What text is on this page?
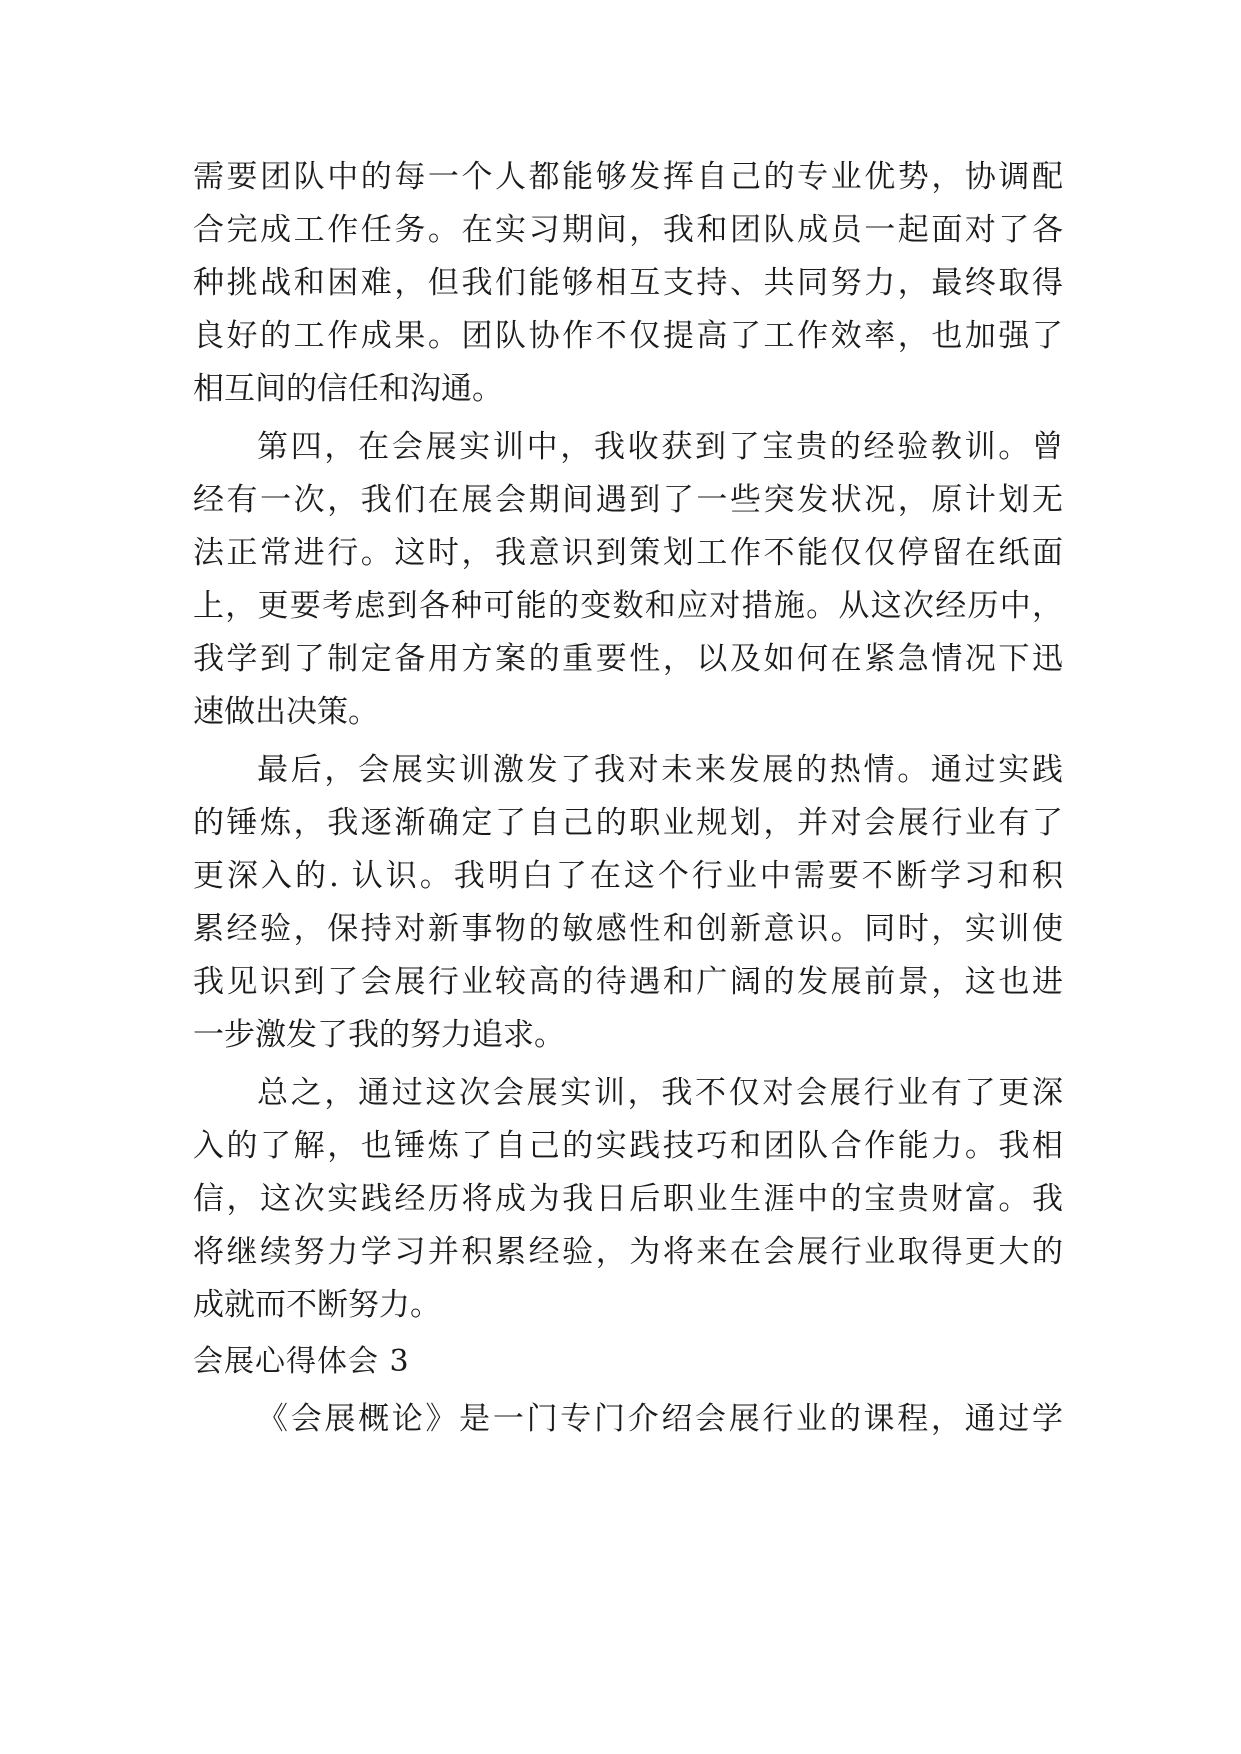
需要团队中的每一个人都能够发挥自己的专业优势，协调配
合完成工作任务。在实习期间，我和团队成员一起面对了各
种挑战和困难，但我们能够相互支持、共同努力，最终取得
良好的工作成果。团队协作不仅提高了工作效率，也加强了
相互间的信任和沟通。
第四，在会展实训中，我收获到了宝贵的经验教训。曾
经有一次，我们在展会期间遇到了一些突发状况，原计划无
法正常进行。这时，我意识到策划工作不能仅仅停留在纸面
上，更要考虑到各种可能的变数和应对措施。从这次经历中，
我学到了制定备用方案的重要性，以及如何在紧急情况下迅
速做出决策。
最后，会展实训激发了我对未来发展的热情。通过实践
的锤炼，我逐渐确定了自己的职业规划，并对会展行业有了
更深入的. 认识。我明白了在这个行业中需要不断学习和积
累经验，保持对新事物的敏感性和创新意识。同时，实训使
我见识到了会展行业较高的待遇和广阔的发展前景，这也进
一步激发了我的努力追求。
总之，通过这次会展实训，我不仅对会展行业有了更深
入的了解，也锤炼了自己的实践技巧和团队合作能力。我相
信，这次实践经历将成为我日后职业生涯中的宝贵财富。我
将继续努力学习并积累经验，为将来在会展行业取得更大的
成就而不断努力。
会展心得体会 3
《会展概论》是一门专门介绍会展行业的课程，通过学
